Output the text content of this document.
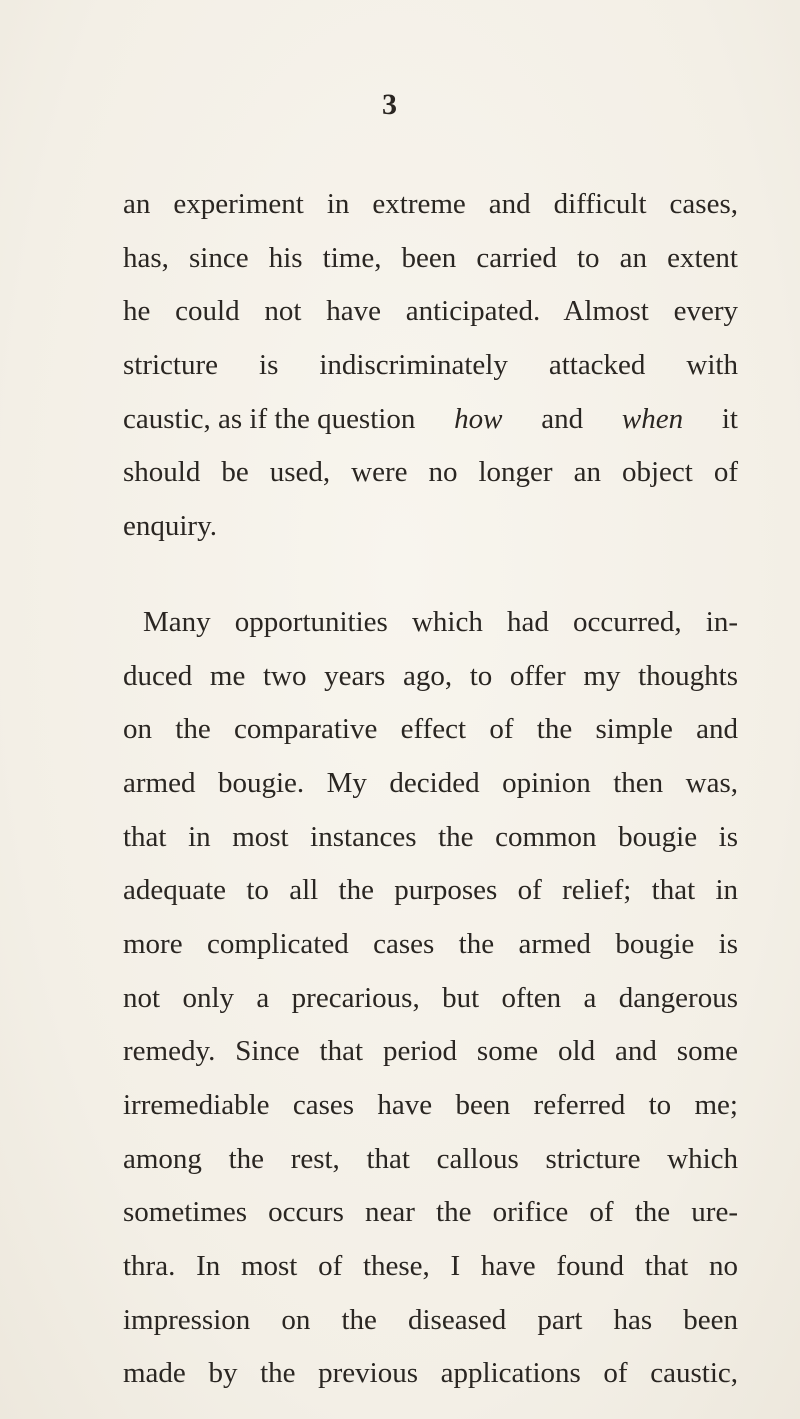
3
an experiment in extreme and difficult cases,
has, since his time, been carried to an extent
he could not have anticipated. Almost every
stricture is indiscriminately attacked with
caustic, as if the question how and when it
should be used, were no longer an object of
enquiry.
Many opportunities which had occurred, in-
duced me two years ago, to offer my thoughts
on the comparative effect of the simple and
armed bougie. My decided opinion then was,
that in most instances the common bougie is
adequate to all the purposes of relief; that in
more complicated cases the armed bougie is
not only a precarious, but often a dangerous
remedy. Since that period some old and some
irremediable cases have been referred to me;
among the rest, that callous stricture which
sometimes occurs near the orifice of the ure-
thra. In most of these, I have found that no
impression on the diseased part has been
made by the previous applications of caustic,
